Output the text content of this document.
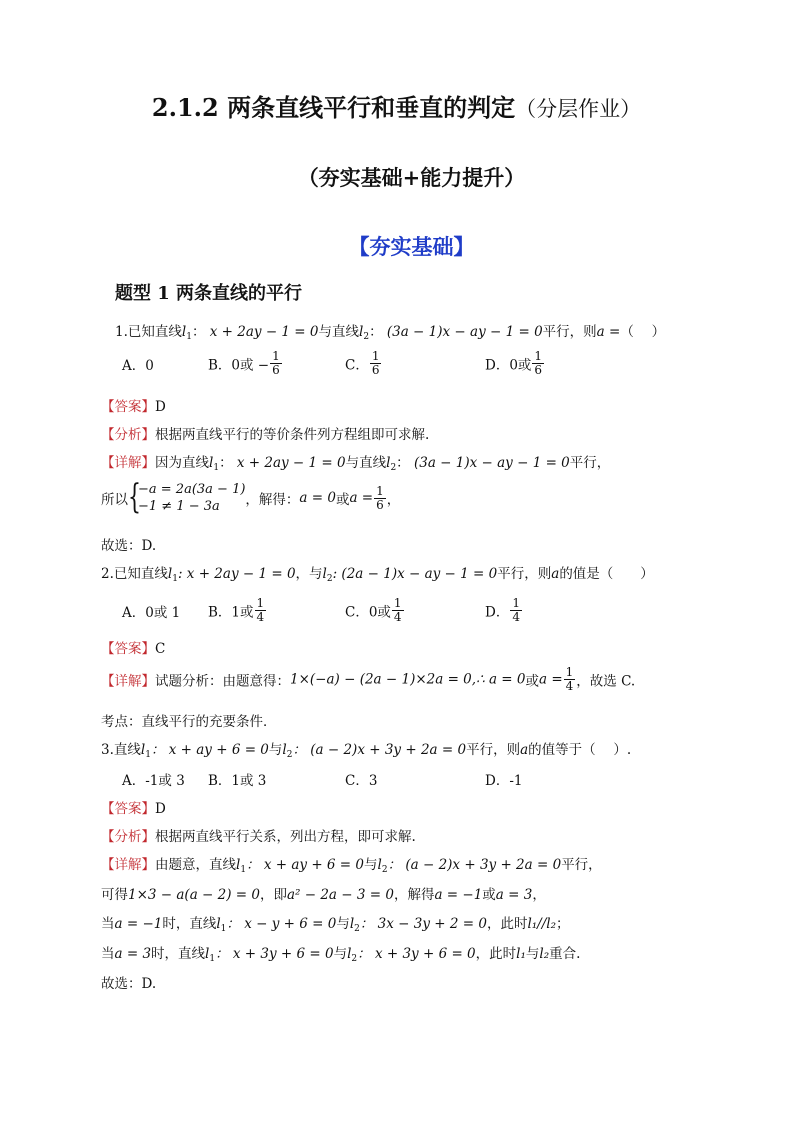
2.1.2 两条直线平行和垂直的判定（分层作业）
（夯实基础+能力提升）
【夯实基础】
题型 1 两条直线的平行
1.已知直线$l_1$： x + 2ay − 1 = 0与直线$l_2$： (3a − 1)x − ay − 1 = 0平行，则a =（　 ）
A．0	B．0或 − $\frac{1}{6}$	C． $\frac{1}{6}$	D．0或 $\frac{1}{6}$
【答案】D
【分析】根据两直线平行的等价条件列方程组即可求解.
【详解】因为直线$l_1$： x + 2ay − 1 = 0与直线$l_2$： (3a − 1)x − ay − 1 = 0平行，
所以 {
−a = 2a(3a − 1)
−1 ≠ 1 − 3a	，解得：a = 0或$a = \frac{1}{6}$ ，
故选：D.
2.已知直线$l_1$: x + 2ay − 1 = 0，与$l_2$: (2a − 1)x − ay − 1 = 0平行，则a的值是（　　）
A．0或 1 B．1或 $\frac{1}{4}$	C．0或 $\frac{1}{4}$	D． $\frac{1}{4}$
【答案】C
【详解】试题分析：由题意得：1×(−a) − (2a − 1)×2a = 0,∴ a = 0或$a = \frac{1}{4}$ ，故选 C.
考点：直线平行的充要条件．
3.直线$l_1$： x + ay + 6 = 0与$l_2$： (a − 2)x + 3y + 2a = 0平行，则a的值等于（　 ）.
A．-1或 3 B．1或 3	C．3	D．-1
【答案】D
【分析】根据两直线平行关系，列出方程，即可求解.
【详解】由题意，直线$l_1$： x + ay + 6 = 0与$l_2$： (a − 2)x + 3y + 2a = 0平行，
可得1×3 − a(a − 2) = 0，即a² − 2a − 3 = 0，解得a = −1或a = 3，
当a = −1时，直线$l_1$： x − y + 6 = 0与$l_2$： 3x − 3y + 2 = 0，此时l₁//l₂；
当a = 3时，直线$l_1$： x + 3y + 6 = 0与$l_2$： x + 3y + 6 = 0，此时l₁与l₂重合.
故选：D.
